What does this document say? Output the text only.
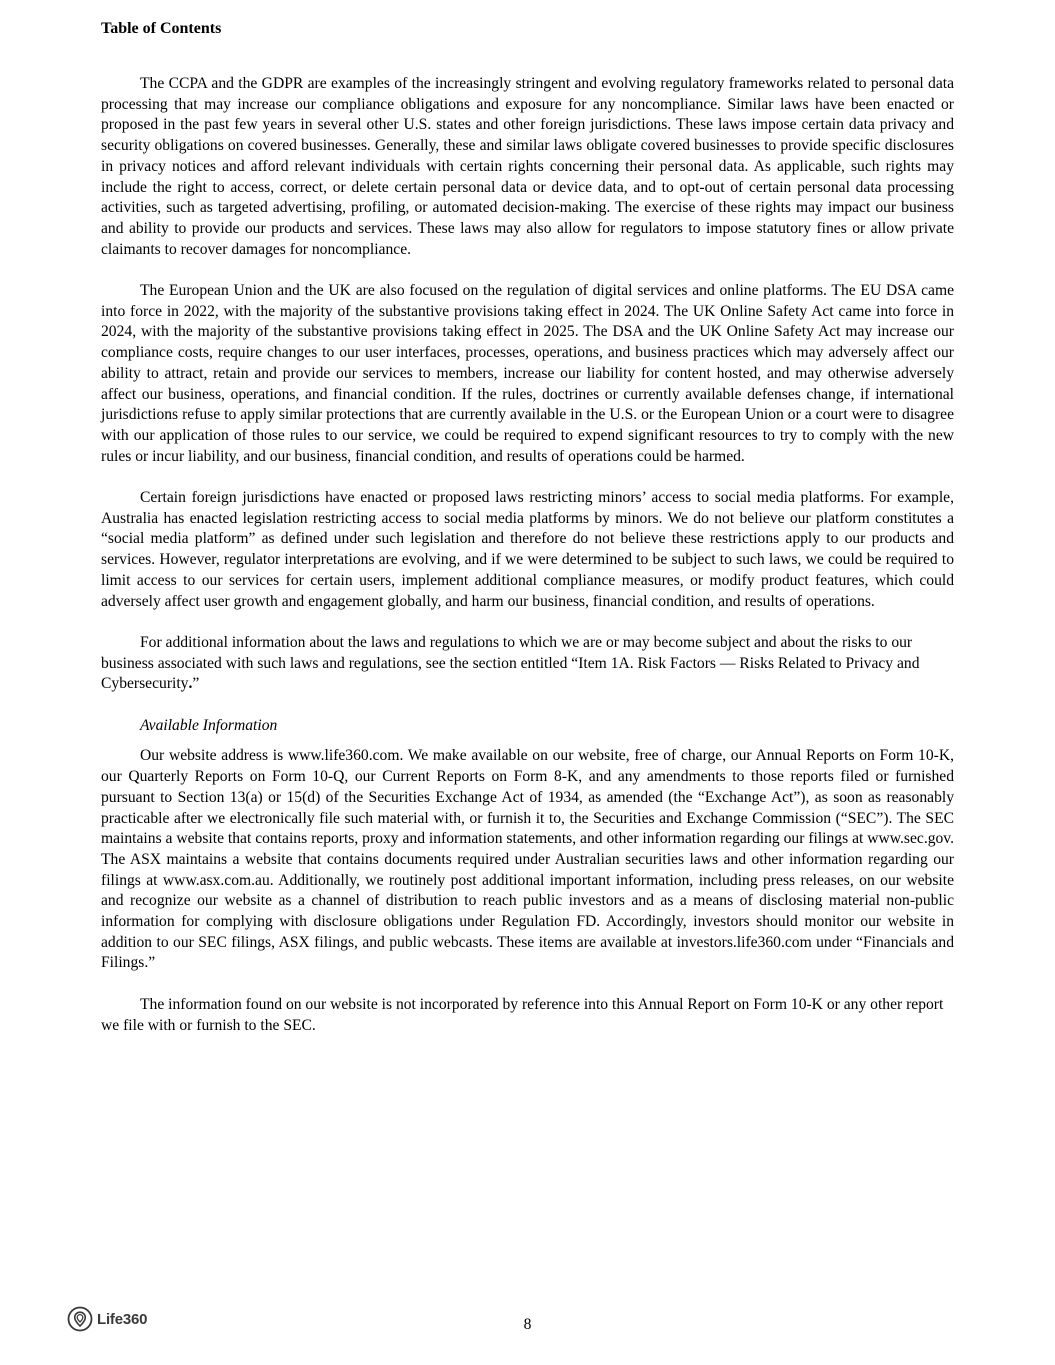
Table of Contents

The CCPA and the GDPR are examples of the increasingly stringent and evolving regulatory frameworks related to personal data processing that may increase our compliance obligations and exposure for any noncompliance. Similar laws have been enacted or proposed in the past few years in several other U.S. states and other foreign jurisdictions. These laws impose certain data privacy and security obligations on covered businesses. Generally, these and similar laws obligate covered businesses to provide specific disclosures in privacy notices and afford relevant individuals with certain rights concerning their personal data. As applicable, such rights may include the right to access, correct, or delete certain personal data or device data, and to opt-out of certain personal data processing activities, such as targeted advertising, profiling, or automated decision-making. The exercise of these rights may impact our business and ability to provide our products and services. These laws may also allow for regulators to impose statutory fines or allow private claimants to recover damages for noncompliance.

The European Union and the UK are also focused on the regulation of digital services and online platforms. The EU DSA came into force in 2022, with the majority of the substantive provisions taking effect in 2024. The UK Online Safety Act came into force in 2024, with the majority of the substantive provisions taking effect in 2025. The DSA and the UK Online Safety Act may increase our compliance costs, require changes to our user interfaces, processes, operations, and business practices which may adversely affect our ability to attract, retain and provide our services to members, increase our liability for content hosted, and may otherwise adversely affect our business, operations, and financial condition. If the rules, doctrines or currently available defenses change, if international jurisdictions refuse to apply similar protections that are currently available in the U.S. or the European Union or a court were to disagree with our application of those rules to our service, we could be required to expend significant resources to try to comply with the new rules or incur liability, and our business, financial condition, and results of operations could be harmed.

Certain foreign jurisdictions have enacted or proposed laws restricting minors’ access to social media platforms. For example, Australia has enacted legislation restricting access to social media platforms by minors. We do not believe our platform constitutes a “social media platform” as defined under such legislation and therefore do not believe these restrictions apply to our products and services. However, regulator interpretations are evolving, and if we were determined to be subject to such laws, we could be required to limit access to our services for certain users, implement additional compliance measures, or modify product features, which could adversely affect user growth and engagement globally, and harm our business, financial condition, and results of operations.

For additional information about the laws and regulations to which we are or may become subject and about the risks to our business associated with such laws and regulations, see the section entitled “Item 1A. Risk Factors — Risks Related to Privacy and Cybersecurity.”

Available Information

Our website address is www.life360.com. We make available on our website, free of charge, our Annual Reports on Form 10-K, our Quarterly Reports on Form 10-Q, our Current Reports on Form 8-K, and any amendments to those reports filed or furnished pursuant to Section 13(a) or 15(d) of the Securities Exchange Act of 1934, as amended (the “Exchange Act”), as soon as reasonably practicable after we electronically file such material with, or furnish it to, the Securities and Exchange Commission (“SEC”). The SEC maintains a website that contains reports, proxy and information statements, and other information regarding our filings at www.sec.gov. The ASX maintains a website that contains documents required under Australian securities laws and other information regarding our filings at www.asx.com.au. Additionally, we routinely post additional important information, including press releases, on our website and recognize our website as a channel of distribution to reach public investors and as a means of disclosing material non-public information for complying with disclosure obligations under Regulation FD. Accordingly, investors should monitor our website in addition to our SEC filings, ASX filings, and public webcasts. These items are available at investors.life360.com under “Financials and Filings.”

The information found on our website is not incorporated by reference into this Annual Report on Form 10-K or any other report we file with or furnish to the SEC.

Life360	8
